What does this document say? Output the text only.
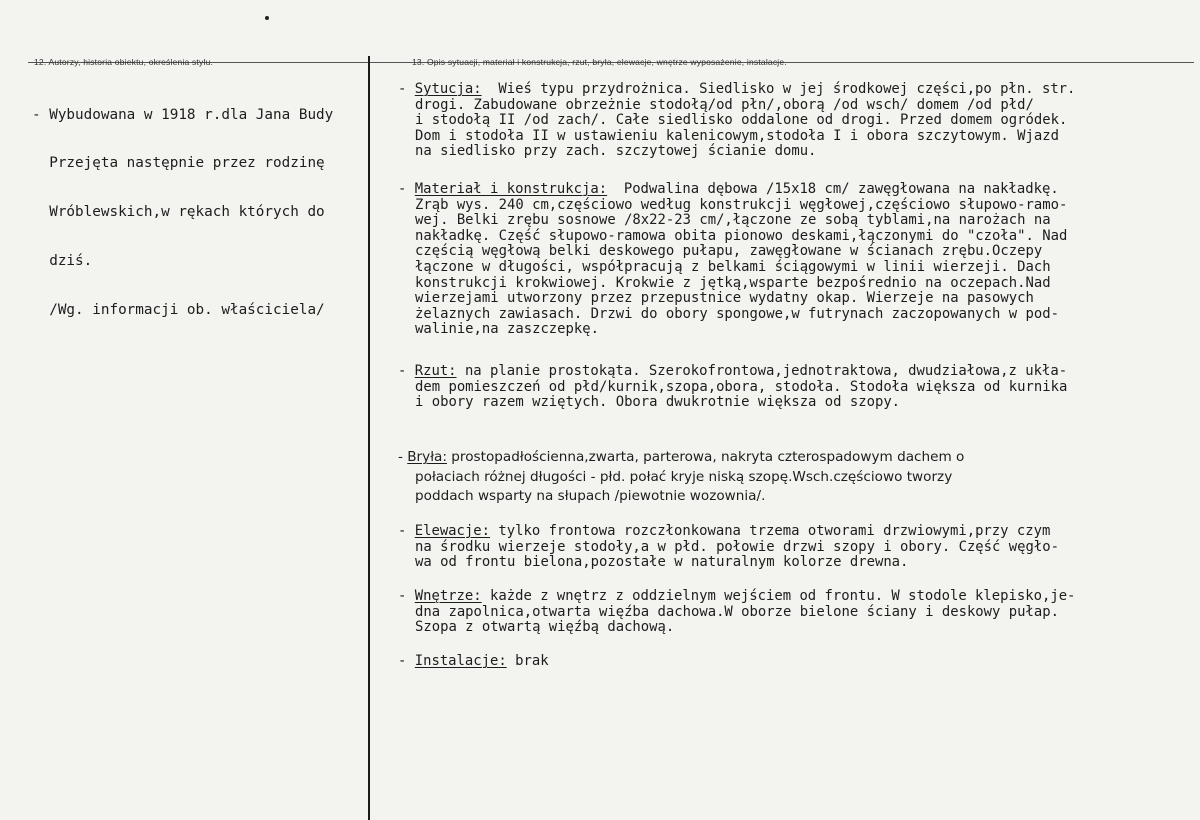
12. Autorzy, historia obiektu, określenia stylu.	13. Opis sytuacji, materiał i konstrukcja, rzut, bryła, elewacje, wnętrze wyposażenie, instalacje.

- Wybudowana w 1918 r.dla Jana Budy

Przejęta następnie przez rodzinę

Wróblewskich,w rękach których do

dziś.

/Wg. informacji ob. właściciela/

- Sytucja: Wieś typu przydrożnica. Siedlisko w jej środkowej części,po płn. str.
drogi. Zabudowane obrzeżnie stodołą/od płn/,oborą /od wsch/ domem /od płd/
i stodołą II /od zach/. Całe siedlisko oddalone od drogi. Przed domem ogródek.
Dom i stodoła II w ustawieniu kalenicowym,stodoła I i obora szczytowym. Wjazd
na siedlisko przy zach. szczytowej ścianie domu.
- Materiał i konstrukcja: Podwalina dębowa /15x18 cm/ zawęgłowana na nakładkę.
Zrąb wys. 240 cm,częściowo według konstrukcji węgłowej,częściowo słupowo-ramo-
wej. Belki zrębu sosnowe /8x22-23 cm/,łączone ze sobą tyblami,na narożach na
nakładkę. Część słupowo-ramowa obita pionowo deskami,łączonymi do "czoła". Nad
częścią węgłową belki deskowego pułapu, zawęgłowane w ścianach zrębu.Oczepy
łączone w długości, współpracują z belkami ściągowymi w linii wierzeji. Dach
konstrukcji krokwiowej. Krokwie z jętką,wsparte bezpośrednio na oczepach.Nad
wierzejami utworzony przez przepustnice wydatny okap. Wierzeje na pasowych
żelaznych zawiasach. Drzwi do obory spongowe,w futrynach zaczopowanych w pod-
walinie,na zaszczepkę.
- Rzut: na planie prostokąta. Szerokofrontowa,jednotraktowa, dwudziałowa,z ukła-
dem pomieszczeń od płd/kurnik,szopa,obora, stodoła. Stodoła większa od kurnika
i obory razem wziętych. Obora dwukrotnie większa od szopy.
- Bryła: prostopadłościenna,zwarta, parterowa, nakryta czterospadowym dachem o
połaciach różnej długości - płd. połać kryje niską szopę.Wsch.częściowo tworzy
poddach wsparty na słupach /piewotnie wozownia/.
- Elewacje: tylko frontowa rozczłonkowana trzema otworami drzwiowymi,przy czym
na środku wierzeje stodoły,a w płd. połowie drzwi szopy i obory. Część węgło-
wa od frontu bielona,pozostałe w naturalnym kolorze drewna.
- Wnętrze: każde z wnętrz z oddzielnym wejściem od frontu. W stodole klepisko,je-
dna zapolnica,otwarta więźba dachowa.W oborze bielone ściany i deskowy pułap.
Szopa z otwartą więźbą dachową.
- Instalacje: brak
